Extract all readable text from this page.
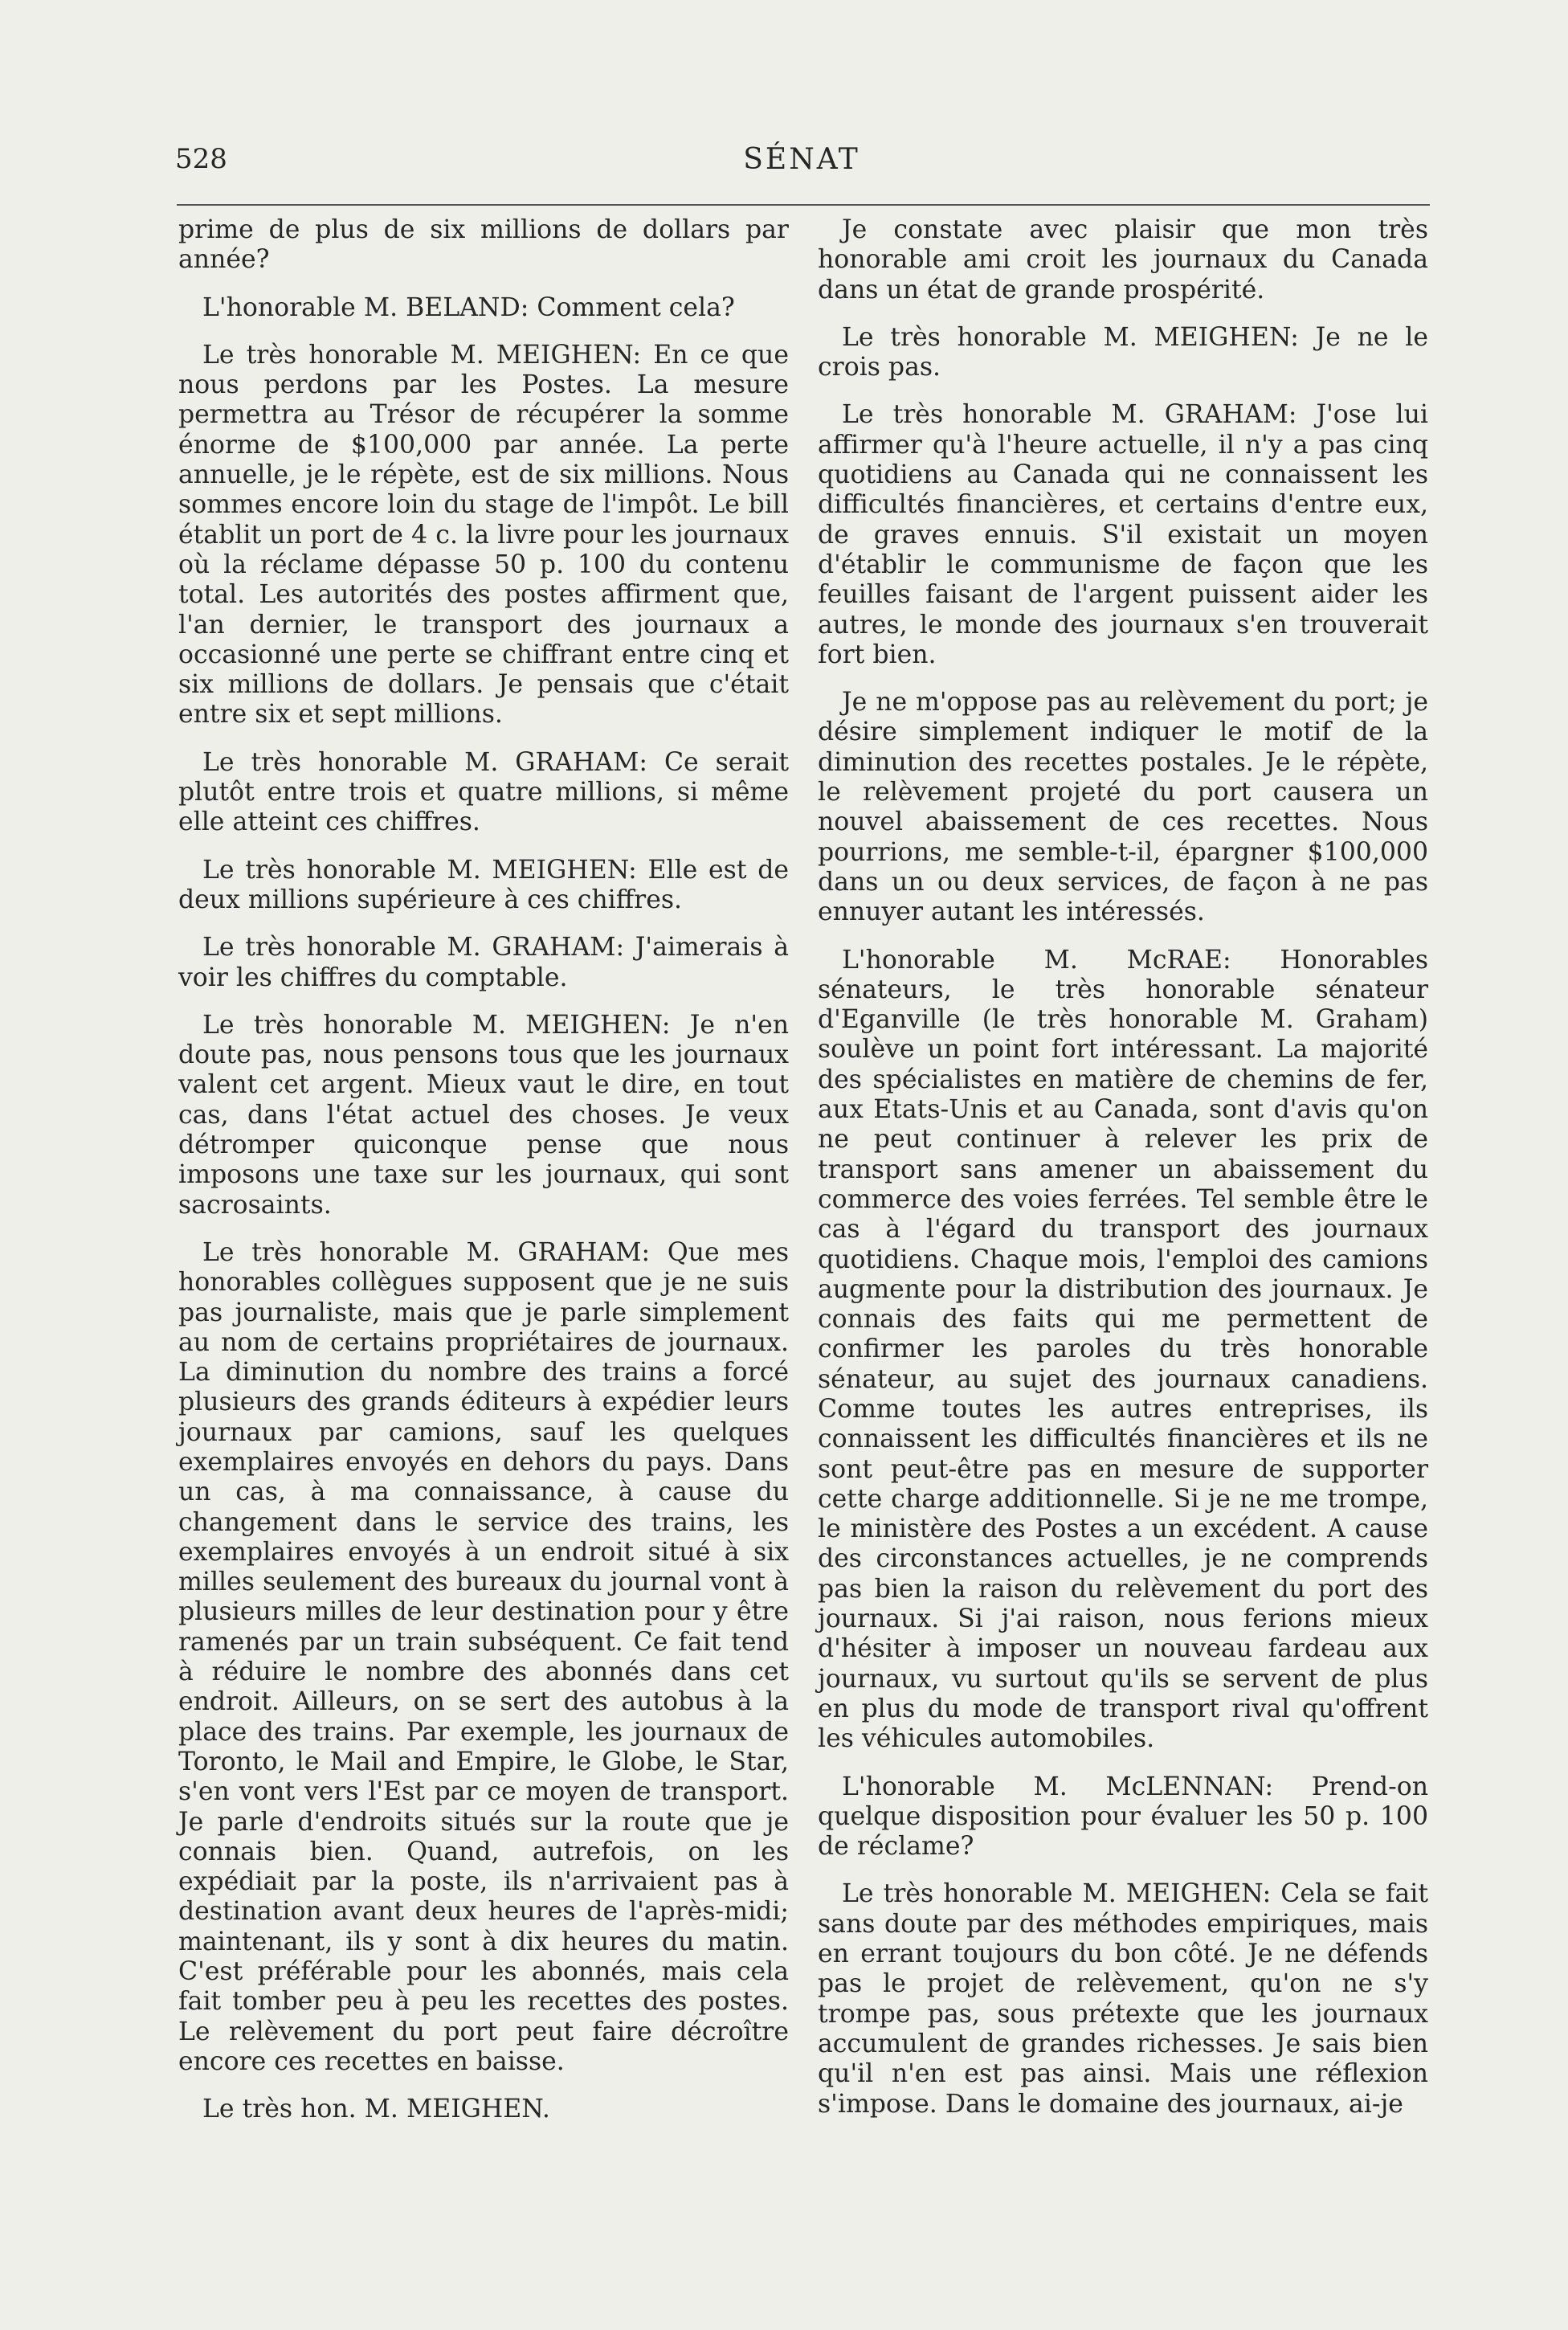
528	SÉNAT

prime de plus de six millions de dollars par année?

L'honorable M. BELAND: Comment cela?

Le très honorable M. MEIGHEN: En ce que nous perdons par les Postes. La mesure permettra au Trésor de récupérer la somme énorme de $100,000 par année. La perte annuelle, je le répète, est de six millions. Nous sommes encore loin du stage de l'impôt. Le bill établit un port de 4 c. la livre pour les journaux où la réclame dépasse 50 p. 100 du contenu total. Les autorités des postes affirment que, l'an dernier, le transport des journaux a occasionné une perte se chiffrant entre cinq et six millions de dollars. Je pensais que c'était entre six et sept millions.

Le très honorable M. GRAHAM: Ce serait plutôt entre trois et quatre millions, si même elle atteint ces chiffres.

Le très honorable M. MEIGHEN: Elle est de deux millions supérieure à ces chiffres.

Le très honorable M. GRAHAM: J'aimerais à voir les chiffres du comptable.

Le très honorable M. MEIGHEN: Je n'en doute pas, nous pensons tous que les journaux valent cet argent. Mieux vaut le dire, en tout cas, dans l'état actuel des choses. Je veux détromper quiconque pense que nous imposons une taxe sur les journaux, qui sont sacrosaints.

Le très honorable M. GRAHAM: Que mes honorables collègues supposent que je ne suis pas journaliste, mais que je parle simplement au nom de certains propriétaires de journaux. La diminution du nombre des trains a forcé plusieurs des grands éditeurs à expédier leurs journaux par camions, sauf les quelques exemplaires envoyés en dehors du pays. Dans un cas, à ma connaissance, à cause du changement dans le service des trains, les exemplaires envoyés à un endroit situé à six milles seulement des bureaux du journal vont à plusieurs milles de leur destination pour y être ramenés par un train subséquent. Ce fait tend à réduire le nombre des abonnés dans cet endroit. Ailleurs, on se sert des autobus à la place des trains. Par exemple, les journaux de Toronto, le Mail and Empire, le Globe, le Star, s'en vont vers l'Est par ce moyen de transport. Je parle d'endroits situés sur la route que je connais bien. Quand, autrefois, on les expédiait par la poste, ils n'arrivaient pas à destination avant deux heures de l'après-midi; maintenant, ils y sont à dix heures du matin. C'est préférable pour les abonnés, mais cela fait tomber peu à peu les recettes des postes. Le relèvement du port peut faire décroître encore ces recettes en baisse.

Le très hon. M. MEIGHEN.

Je constate avec plaisir que mon très honorable ami croit les journaux du Canada dans un état de grande prospérité.

Le très honorable M. MEIGHEN: Je ne le crois pas.

Le très honorable M. GRAHAM: J'ose lui affirmer qu'à l'heure actuelle, il n'y a pas cinq quotidiens au Canada qui ne connaissent les difficultés financières, et certains d'entre eux, de graves ennuis. S'il existait un moyen d'établir le communisme de façon que les feuilles faisant de l'argent puissent aider les autres, le monde des journaux s'en trouverait fort bien.

Je ne m'oppose pas au relèvement du port; je désire simplement indiquer le motif de la diminution des recettes postales. Je le répète, le relèvement projeté du port causera un nouvel abaissement de ces recettes. Nous pourrions, me semble-t-il, épargner $100,000 dans un ou deux services, de façon à ne pas ennuyer autant les intéressés.

L'honorable M. McRAE: Honorables sénateurs, le très honorable sénateur d'Eganville (le très honorable M. Graham) soulève un point fort intéressant. La majorité des spécialistes en matière de chemins de fer, aux Etats-Unis et au Canada, sont d'avis qu'on ne peut continuer à relever les prix de transport sans amener un abaissement du commerce des voies ferrées. Tel semble être le cas à l'égard du transport des journaux quotidiens. Chaque mois, l'emploi des camions augmente pour la distribution des journaux. Je connais des faits qui me permettent de confirmer les paroles du très honorable sénateur, au sujet des journaux canadiens. Comme toutes les autres entreprises, ils connaissent les difficultés financières et ils ne sont peut-être pas en mesure de supporter cette charge additionnelle. Si je ne me trompe, le ministère des Postes a un excédent. A cause des circonstances actuelles, je ne comprends pas bien la raison du relèvement du port des journaux. Si j'ai raison, nous ferions mieux d'hésiter à imposer un nouveau fardeau aux journaux, vu surtout qu'ils se servent de plus en plus du mode de transport rival qu'offrent les véhicules automobiles.

L'honorable M. McLENNAN: Prend-on quelque disposition pour évaluer les 50 p. 100 de réclame?

Le très honorable M. MEIGHEN: Cela se fait sans doute par des méthodes empiriques, mais en errant toujours du bon côté. Je ne défends pas le projet de relèvement, qu'on ne s'y trompe pas, sous prétexte que les journaux accumulent de grandes richesses. Je sais bien qu'il n'en est pas ainsi. Mais une réflexion s'impose. Dans le domaine des journaux, ai-je
